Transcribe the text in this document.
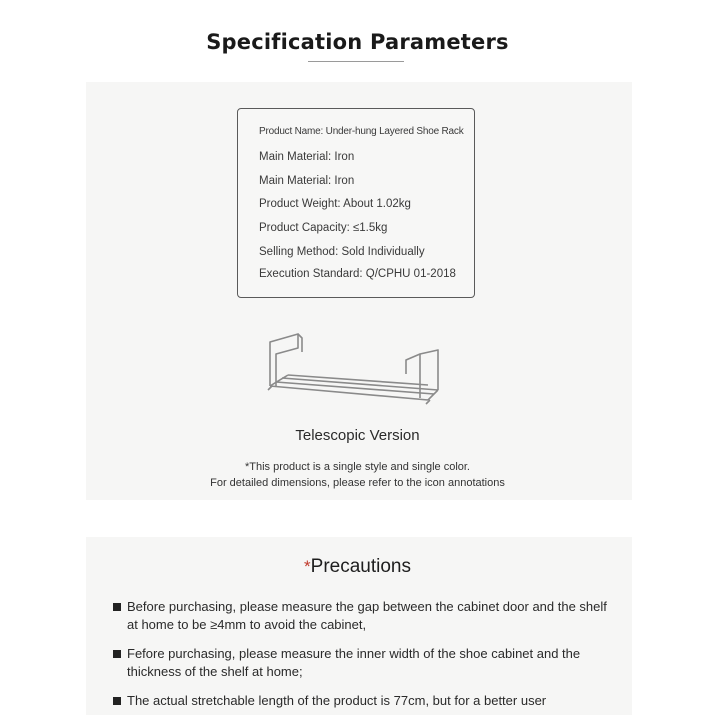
Specification Parameters
Product Name: Under-hung Layered Shoe Rack
Main Material: Iron
Main Material: Iron
Product Weight: About 1.02kg
Product Capacity: ≤1.5kg
Selling Method: Sold Individually
Execution Standard: Q/CPHU 01-2018
Telescopic Version
*This product is a single style and single color.
For detailed dimensions, please refer to the icon annotations
*Precautions
Before purchasing, please measure the gap between the cabinet door and the shelf at home to be ≥4mm to avoid the cabinet,
Fefore purchasing, please measure the inner width of the shoe cabinet and the thickness of the shelf at home;
The actual stretchable length of the product is 77cm, but for a better user
